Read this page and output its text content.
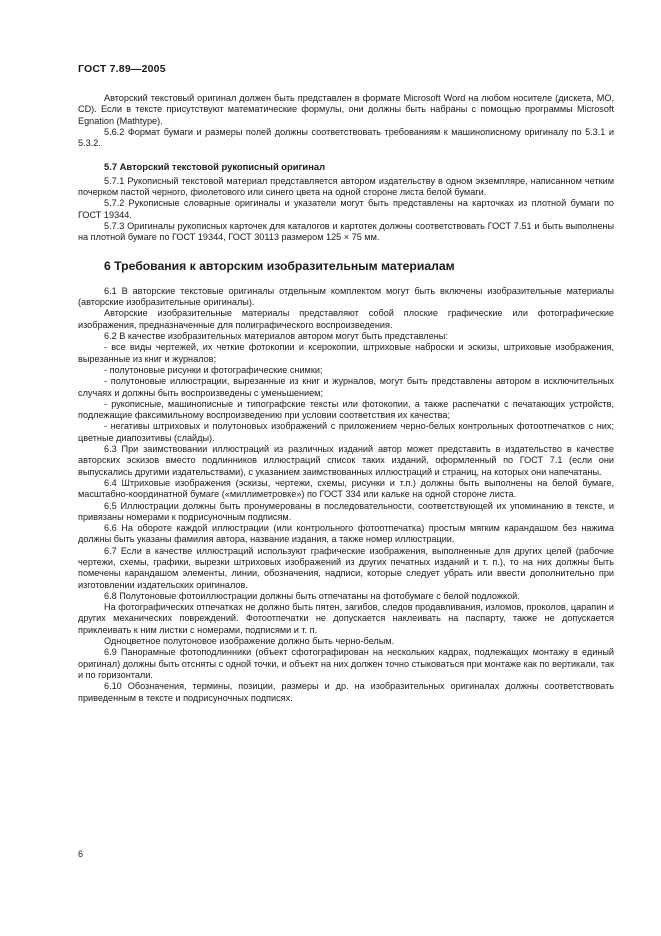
ГОСТ 7.89—2005

Авторский текстовый оригинал должен быть представлен в формате Microsoft Word на любом носителе (дискета, MO, CD). Если в тексте присутствуют математические формулы, они должны быть набраны с помощью программы Microsoft Egnation (Mathtype).

5.6.2 Формат бумаги и размеры полей должны соответствовать требованиям к машинописному оригиналу по 5.3.1 и 5.3.2.

5.7 Авторский текстовой рукописный оригинал

5.7.1 Рукописный текстовой материал представляется автором издательству в одном экземпляре, написанном четким почерком пастой черного, фиолетового или синего цвета на одной стороне листа белой бумаги.

5.7.2 Рукописные словарные оригиналы и указатели могут быть представлены на карточках из плотной бумаги по ГОСТ 19344.

5.7.3 Оригиналы рукописных карточек для каталогов и картотек должны соответствовать ГОСТ 7.51 и быть выполнены на плотной бумаге по ГОСТ 19344, ГОСТ 30113 размером 125 × 75 мм.

6 Требования к авторским изобразительным материалам

6.1 В авторские текстовые оригиналы отдельным комплектом могут быть включены изобразительные материалы (авторские изобразительные оригиналы).

Авторские изобразительные материалы представляют собой плоские графические или фотографические изображения, предназначенные для полиграфического воспроизведения.

6.2 В качестве изобразительных материалов автором могут быть представлены:

- все виды чертежей, их четкие фотокопии и ксерокопии, штриховые наброски и эскизы, штриховые изображения, вырезанные из книг и журналов;

- полутоновые рисунки и фотографические снимки;

- полутоновые иллюстрации, вырезанные из книг и журналов, могут быть представлены автором в исключительных случаях и должны быть воспроизведены с уменьшением;

- рукописные, машинописные и типографские тексты или фотокопии, а также распечатки с печатающих устройств, подлежащие факсимильному воспроизведению при условии соответствия их качества;

- негативы штриховых и полутоновых изображений с приложением черно-белых контрольных фотоотпечатков с них; цветные диапозитивы (слайды).

6.3 При заимствовании иллюстраций из различных изданий автор может представить в издательство в качестве авторских эскизов вместо подлинников иллюстраций список таких изданий, оформленный по ГОСТ 7.1 (если они выпускались другими издательствами), с указанием заимствованных иллюстраций и страниц, на которых они напечатаны.

6.4 Штриховые изображения (эскизы, чертежи, схемы, рисунки и т.п.) должны быть выполнены на белой бумаге, масштабно-координатной бумаге («миллиметровке») по ГОСТ 334 или кальке на одной стороне листа.

6.5 Иллюстрации должны быть пронумерованы в последовательности, соответствующей их упоминанию в тексте, и привязаны номерами к подрисуночным подписям.

6.6 На обороте каждой иллюстрации (или контрольного фотоотпечатка) простым мягким карандашом без нажима должны быть указаны фамилия автора, название издания, а также номер иллюстрации.

6.7 Если в качестве иллюстраций используют графические изображения, выполненные для других целей (рабочие чертежи, схемы, графики, вырезки штриховых изображений из других печатных изданий и т. п.), то на них должны быть помечены карандашом элементы, линии, обозначения, надписи, которые следует убрать или ввести дополнительно при изготовлении издательских оригиналов.

6.8 Полутоновые фотоиллюстрации должны быть отпечатаны на фотобумаге с белой подложкой.

На фотографических отпечатках не должно быть пятен, загибов, следов продавливания, изломов, проколов, царапин и других механических повреждений. Фотоотпечатки не допускается наклеивать на паспарту, также не допускается приклеивать к ним листки с номерами, подписями и т. п.

Одноцветное полутоновое изображение должно быть черно-белым.

6.9 Панорамные фотоподлинники (объект сфотографирован на нескольких кадрах, подлежащих монтажу в единый оригинал) должны быть отсняты с одной точки, и объект на них должен точно стыковаться при монтаже как по вертикали, так и по горизонтали.

6.10 Обозначения, термины, позиции, размеры и др. на изобразительных оригиналах должны соответствовать приведенным в тексте и подрисуночных подписях.

6
